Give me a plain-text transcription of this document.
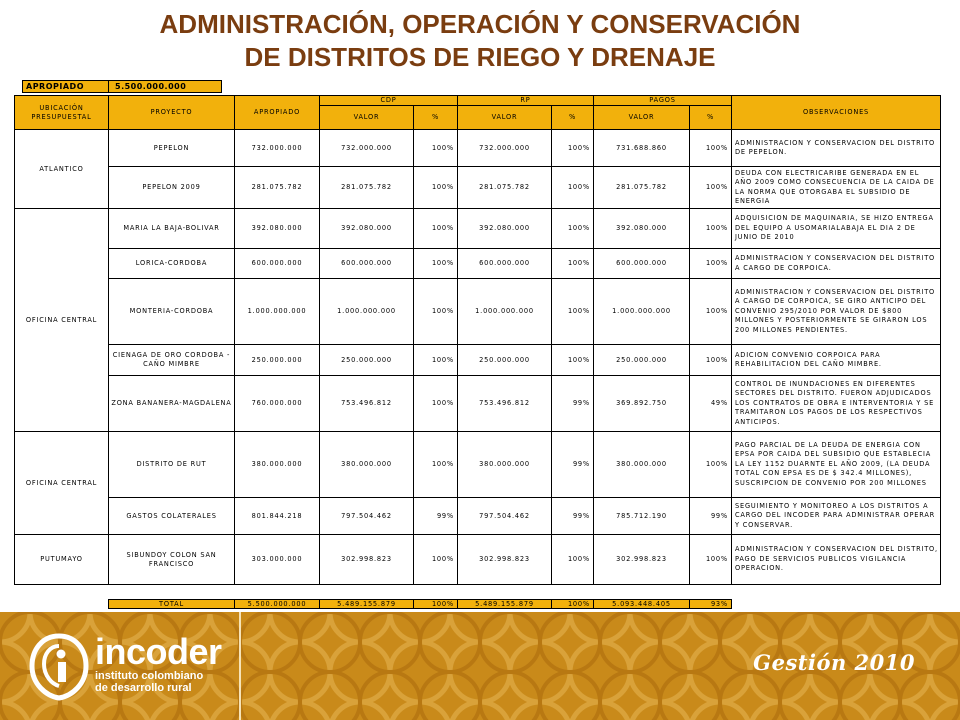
ADMINISTRACIÓN, OPERACIÓN Y CONSERVACIÓN
DE DISTRITOS DE RIEGO Y DRENAJE
APROPIADO	5.500.000.000
UBICACIÓN PRESUPUESTAL	PROYECTO	APROPIADO	CDP		RP		PAGOS		OBSERVACIONES
			VALOR	%	VALOR	%	VALOR	%	
ATLANTICO	PEPELON	732.000.000	732.000.000	100%	732.000.000	100%	731.688.860	100%	ADMINISTRACION Y CONSERVACION DEL DISTRITO DE PEPELON.
	PEPELON 2009	281.075.782	281.075.782	100%	281.075.782	100%	281.075.782	100%	DEUDA CON ELECTRICARIBE GENERADA EN EL AÑO 2009 COMO CONSECUENCIA DE LA CAIDA DE LA NORMA QUE OTORGABA EL SUBSIDIO DE ENERGIA
OFICINA CENTRAL	MARIA LA BAJA-BOLIVAR	392.080.000	392.080.000	100%	392.080.000	100%	392.080.000	100%	ADQUISICION DE MAQUINARIA, SE HIZO ENTREGA DEL EQUIPO A USOMARIALABAJA EL DIA 2 DE JUNIO DE 2010
	LORICA-CORDOBA	600.000.000	600.000.000	100%	600.000.000	100%	600.000.000	100%	ADMINISTRACION Y CONSERVACION DEL DISTRITO A CARGO DE CORPOICA.
	MONTERIA-CORDOBA	1.000.000.000	1.000.000.000	100%	1.000.000.000	100%	1.000.000.000	100%	ADMINISTRACION Y CONSERVACION DEL DISTRITO A CARGO DE CORPOICA, SE GIRO ANTICIPO DEL CONVENIO 295/2010 POR VALOR DE $800 MILLONES Y POSTERIORMENTE SE GIRARON LOS 200 MILLONES PENDIENTES.
	CIENAGA DE ORO CORDOBA - CAÑO MIMBRE	250.000.000	250.000.000	100%	250.000.000	100%	250.000.000	100%	ADICION CONVENIO CORPOICA PARA REHABILITACION DEL CAÑO MIMBRE.
	ZONA BANANERA-MAGDALENA	760.000.000	753.496.812	100%	753.496.812	99%	369.892.750	49%	CONTROL DE INUNDACIONES EN DIFERENTES SECTORES DEL DISTRITO. FUERON ADJUDICADOS LOS CONTRATOS DE OBRA E INTERVENTORIA Y SE TRAMITARON LOS PAGOS DE LOS RESPECTIVOS ANTICIPOS.
OFICINA CENTRAL	DISTRITO DE RUT	380.000.000	380.000.000	100%	380.000.000	99%	380.000.000	100%	PAGO PARCIAL DE LA DEUDA DE ENERGIA CON EPSA POR CAIDA DEL SUBSIDIO QUE ESTABLECIA LA LEY 1152 DUARNTE EL AÑO 2009, (LA DEUDA TOTAL CON EPSA ES DE $ 342.4 MILLONES), SUSCRIPCION DE CONVENIO POR 200 MILLONES
	GASTOS COLATERALES	801.844.218	797.504.462	99%	797.504.462	99%	785.712.190	99%	SEGUIMIENTO Y MONITOREO A LOS DISTRITOS A CARGO DEL INCODER PARA ADMINISTRAR OPERAR Y CONSERVAR.
PUTUMAYO	SIBUNDOY COLON SAN FRANCISCO	303.000.000	302.998.823	100%	302.998.823	100%	302.998.823	100%	ADMINISTRACION Y CONSERVACION DEL DISTRITO, PAGO DE SERVICIOS PUBLICOS VIGILANCIA OPERACION.
TOTAL	5.500.000.000	5.489.155.879	100%	5.489.155.879	100%	5.093.448.405	93%
incoder
instituto colombiano
de desarrollo rural
Gestión 2010
